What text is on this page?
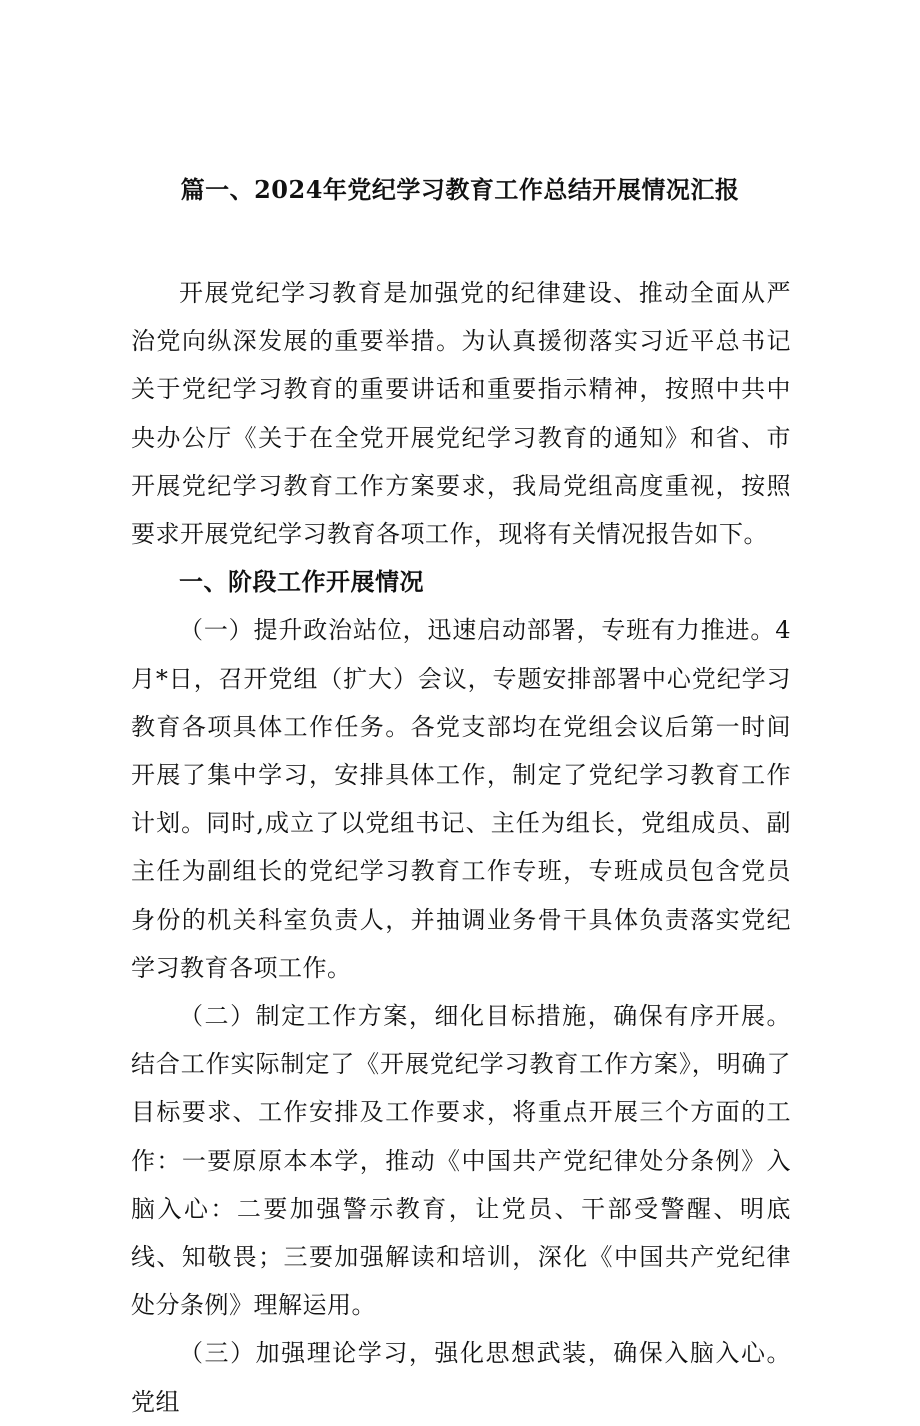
篇一、2024年党纪学习教育工作总结开展情况汇报

开展党纪学习教育是加强党的纪律建设、推动全面从严治党向纵深发展的重要举措。为认真援彻落实习近平总书记关于党纪学习教育的重要讲话和重要指示精神，按照中共中央办公厅《关于在全党开展党纪学习教育的通知》和省、市开展党纪学习教育工作方案要求，我局党组高度重视，按照要求开展党纪学习教育各项工作，现将有关情况报告如下。

一、阶段工作开展情况

（一）提升政治站位，迅速启动部署，专班有力推进。4月*日，召开党组（扩大）会议，专题安排部署中心党纪学习教育各项具体工作任务。各党支部均在党组会议后第一时间开展了集中学习，安排具体工作，制定了党纪学习教育工作计划。同时,成立了以党组书记、主任为组长，党组成员、副主任为副组长的党纪学习教育工作专班，专班成员包含党员身份的机关科室负责人，并抽调业务骨干具体负责落实党纪学习教育各项工作。

（二）制定工作方案，细化目标措施，确保有序开展。结合工作实际制定了《开展党纪学习教育工作方案》，明确了目标要求、工作安排及工作要求，将重点开展三个方面的工作：一要原原本本学，推动《中国共产党纪律处分条例》入脑入心：二要加强警示教育，让党员、干部受警醒、明底线、知敬畏；三要加强解读和培训，深化《中国共产党纪律处分条例》理解运用。

（三）加强理论学习，强化思想武装，确保入脑入心。党组
